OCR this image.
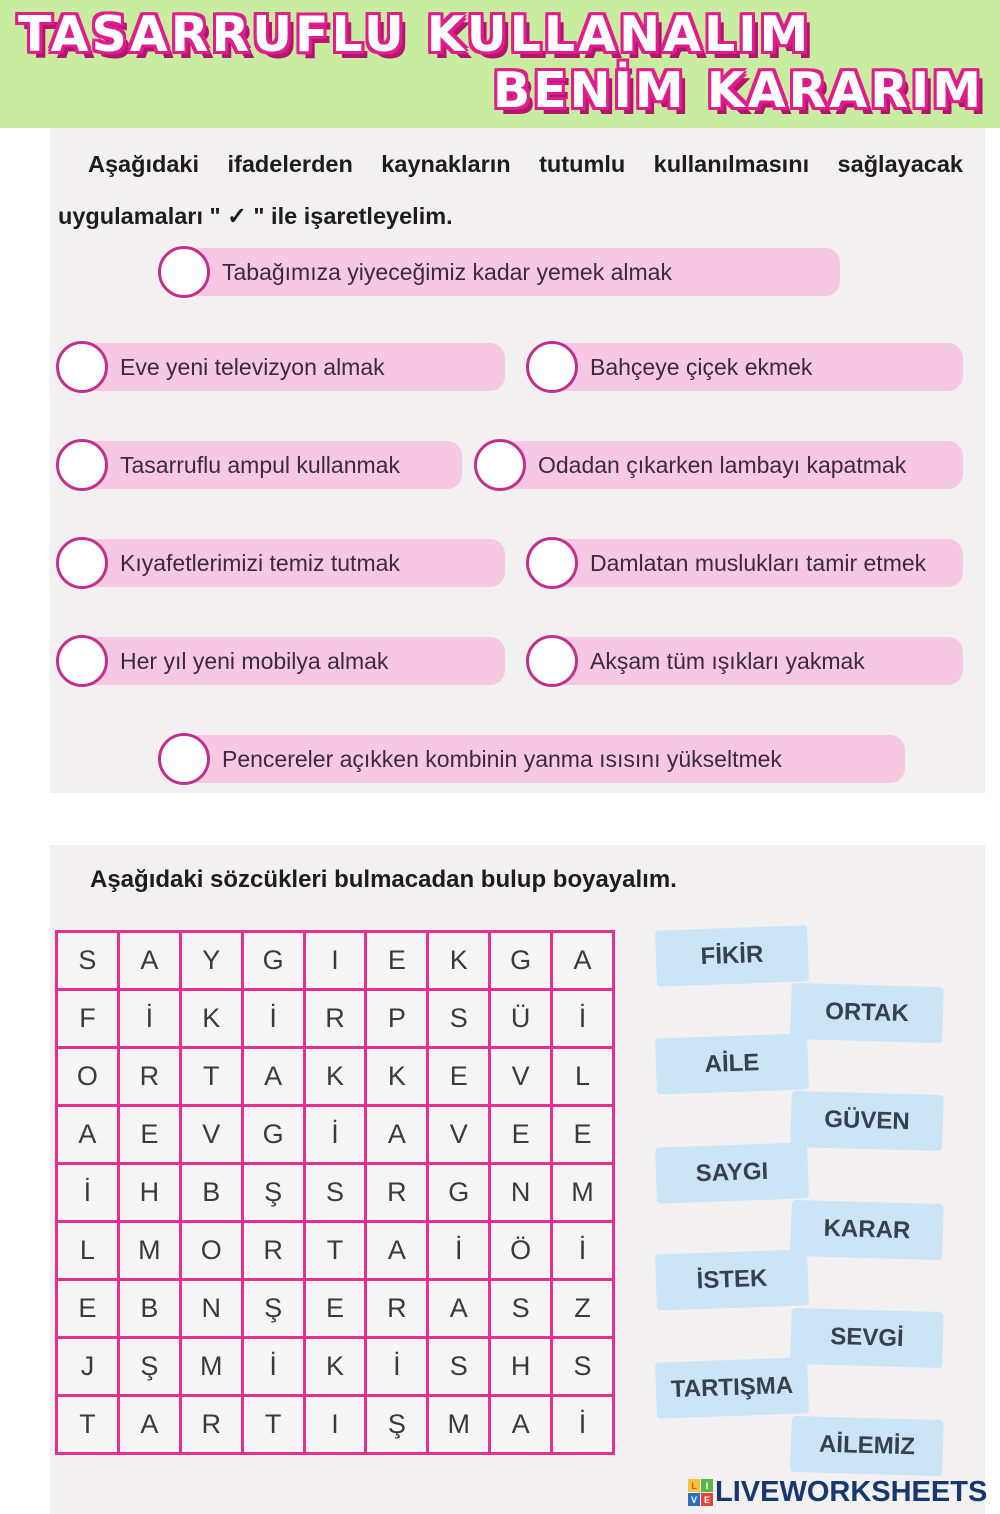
TASARRUFLU KULLANALIM
BENİM KARARIM

Aşağıdaki ifadelerden kaynakların tutumlu kullanılmasını sağlayacak uygulamaları " ✓ " ile işaretleyelim.

Tabağımıza yiyeceğimiz kadar yemek almak
Eve yeni televizyon almak	Bahçeye çiçek ekmek
Tasarruflu ampul kullanmak	Odadan çıkarken lambayı kapatmak
Kıyafetlerimizi temiz tutmak	Damlatan muslukları tamir etmek
Her yıl yeni mobilya almak	Akşam tüm ışıkları yakmak
Pencereler açıkken kombinin yanma ısısını yükseltmek

Aşağıdaki sözcükleri bulmacadan bulup boyayalım.

S	A	Y	G	I	E	K	G	A
F	İ	K	İ	R	P	S	Ü	İ
O	R	T	A	K	K	E	V	L
A	E	V	G	İ	A	V	E	E
İ	H	B	Ş	S	R	G	N	M
L	M	O	R	T	A	İ	Ö	İ
E	B	N	Ş	E	R	A	S	Z
J	Ş	M	İ	K	İ	S	H	S
T	A	R	T	I	Ş	M	A	İ
FİKİR
ORTAK
AİLE
GÜVEN
SAYGI
KARAR
İSTEK
SEVGİ
TARTIŞMA
AİLEMİZ
L I
V E LIVEWORKSHEETS
